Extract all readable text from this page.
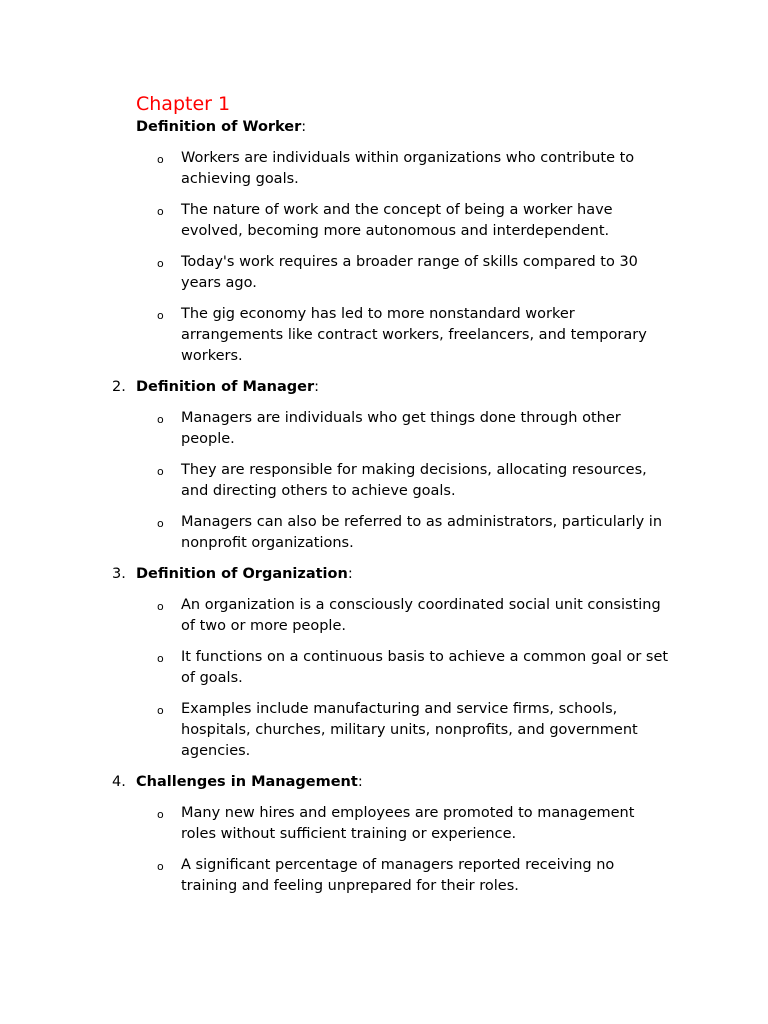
Chapter 1
Definition of Worker:
o Workers are individuals within organizations who contribute to achieving goals.
o The nature of work and the concept of being a worker have evolved, becoming more autonomous and interdependent.
o Today's work requires a broader range of skills compared to 30 years ago.
o The gig economy has led to more nonstandard worker arrangements like contract workers, freelancers, and temporary workers.
2. Definition of Manager:
o Managers are individuals who get things done through other people.
o They are responsible for making decisions, allocating resources, and directing others to achieve goals.
o Managers can also be referred to as administrators, particularly in nonprofit organizations.
3. Definition of Organization:
o An organization is a consciously coordinated social unit consisting of two or more people.
o It functions on a continuous basis to achieve a common goal or set of goals.
o Examples include manufacturing and service firms, schools, hospitals, churches, military units, nonprofits, and government agencies.
4. Challenges in Management:
o Many new hires and employees are promoted to management roles without sufficient training or experience.
o A significant percentage of managers reported receiving no training and feeling unprepared for their roles.
